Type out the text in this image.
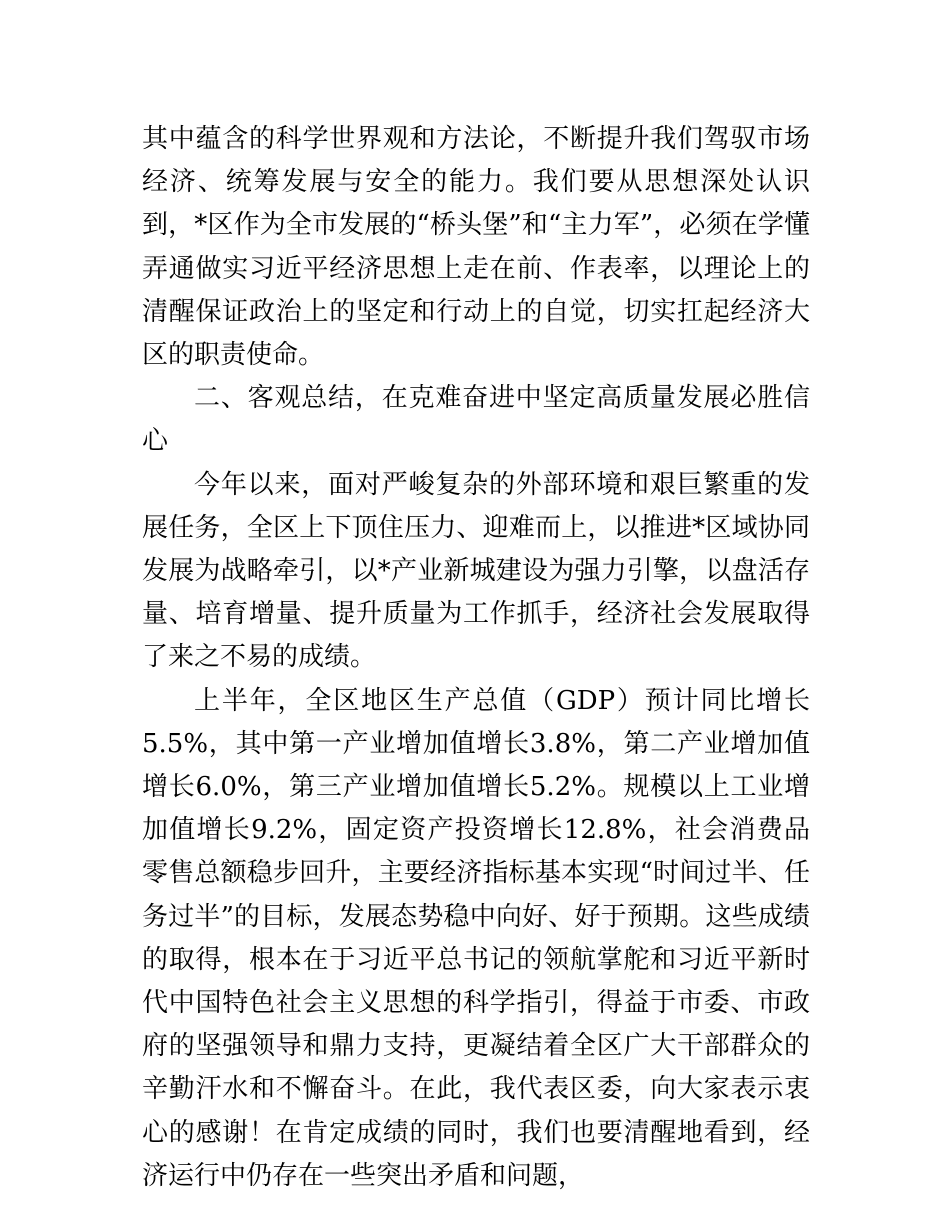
其中蕴含的科学世界观和方法论，不断提升我们驾驭市场经济、统筹发展与安全的能力。我们要从思想深处认识到，*区作为全市发展的“桥头堡”和“主力军”，必须在学懂弄通做实习近平经济思想上走在前、作表率，以理论上的清醒保证政治上的坚定和行动上的自觉，切实扛起经济大区的职责使命。

二、客观总结，在克难奋进中坚定高质量发展必胜信心

今年以来，面对严峻复杂的外部环境和艰巨繁重的发展任务，全区上下顶住压力、迎难而上，以推进*区域协同发展为战略牵引，以*产业新城建设为强力引擎，以盘活存量、培育增量、提升质量为工作抓手，经济社会发展取得了来之不易的成绩。

上半年，全区地区生产总值（GDP）预计同比增长5.5%，其中第一产业增加值增长3.8%，第二产业增加值增长6.0%，第三产业增加值增长5.2%。规模以上工业增加值增长9.2%，固定资产投资增长12.8%，社会消费品零售总额稳步回升，主要经济指标基本实现“时间过半、任务过半”的目标，发展态势稳中向好、好于预期。这些成绩的取得，根本在于习近平总书记的领航掌舵和习近平新时代中国特色社会主义思想的科学指引，得益于市委、市政府的坚强领导和鼎力支持，更凝结着全区广大干部群众的辛勤汗水和不懈奋斗。在此，我代表区委，向大家表示衷心的感谢！在肯定成绩的同时，我们也要清醒地看到，经济运行中仍存在一些突出矛盾和问题，
